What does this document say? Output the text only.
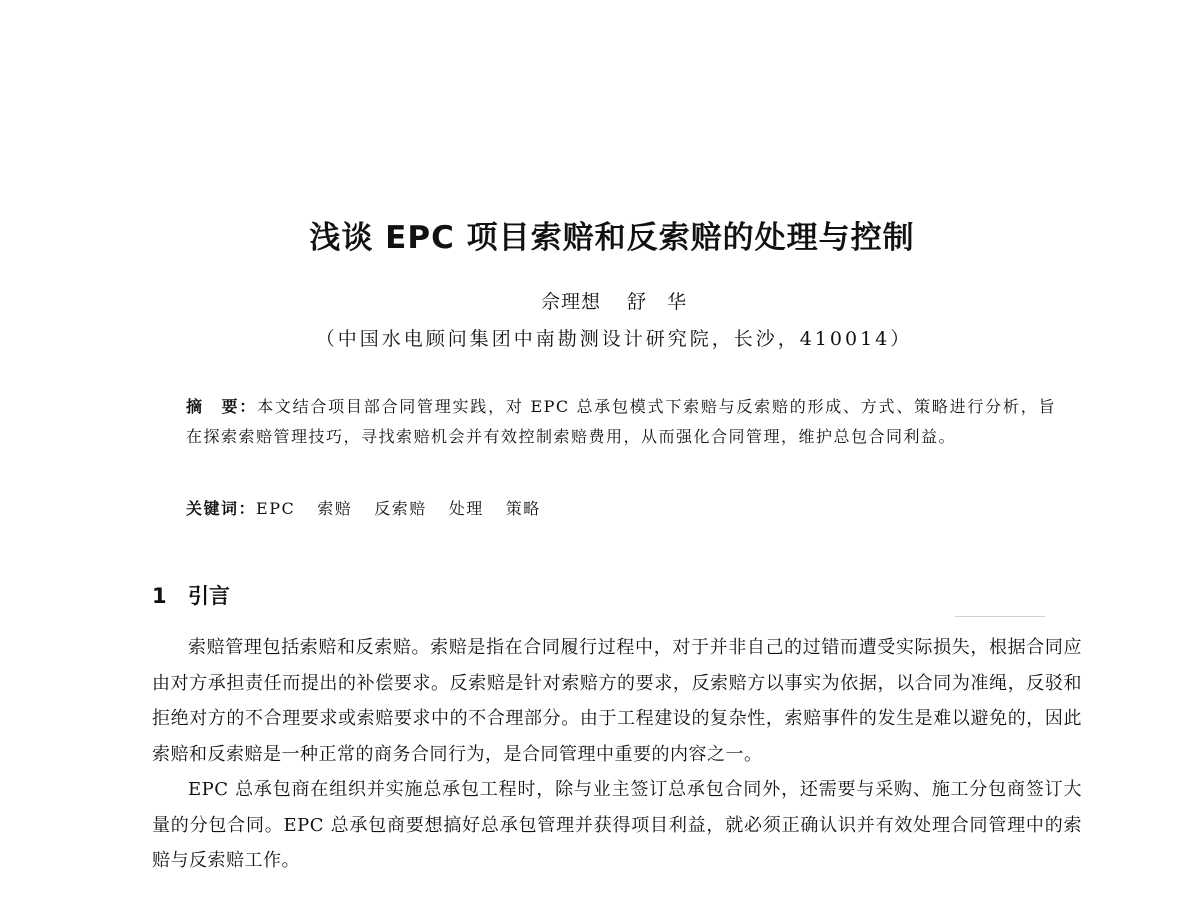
浅谈 EPC 项目索赔和反索赔的处理与控制
佘理想 舒　华
（中国水电顾问集团中南勘测设计研究院，长沙，410014）
摘　要：本文结合项目部合同管理实践，对 EPC 总承包模式下索赔与反索赔的形成、方式、策略进行分析，旨在探索索赔管理技巧，寻找索赔机会并有效控制索赔费用，从而强化合同管理，维护总包合同利益。
关键词：EPC 索赔 反索赔 处理 策略
1 引言

索赔管理包括索赔和反索赔。索赔是指在合同履行过程中，对于并非自己的过错而遭受实际损失，根据合同应由对方承担责任而提出的补偿要求。反索赔是针对索赔方的要求，反索赔方以事实为依据，以合同为准绳，反驳和拒绝对方的不合理要求或索赔要求中的不合理部分。由于工程建设的复杂性，索赔事件的发生是难以避免的，因此索赔和反索赔是一种正常的商务合同行为，是合同管理中重要的内容之一。

EPC 总承包商在组织并实施总承包工程时，除与业主签订总承包合同外，还需要与采购、施工分包商签订大量的分包合同。EPC 总承包商要想搞好总承包管理并获得项目利益，就必须正确认识并有效处理合同管理中的索赔与反索赔工作。
